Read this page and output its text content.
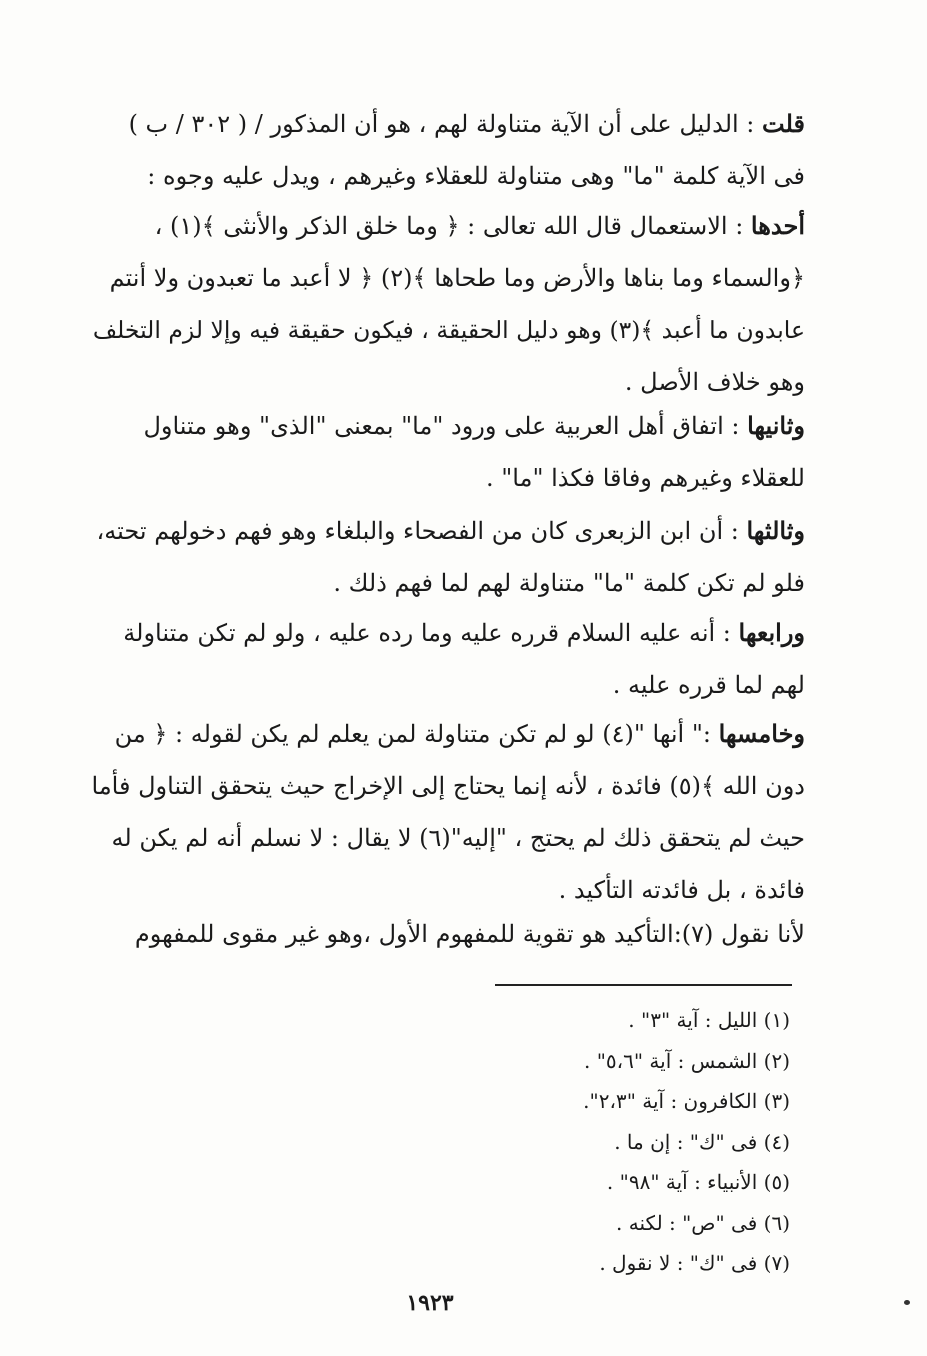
قلت : الدليل على أن الآية متناولة لهم ، هو أن المذكور / ( ٣٠٢ / ب )
فى الآية كلمة "ما" وهى متناولة للعقلاء وغيرهم ، ويدل عليه وجوه :
أحدها : الاستعمال قال الله تعالى : ﴿ وما خلق الذكر والأنثى ﴾(١) ،
﴿والسماء وما بناها والأرض وما طحاها ﴾(٢) ﴿ لا أعبد ما تعبدون ولا أنتم
عابدون ما أعبد ﴾(٣) وهو دليل الحقيقة ، فيكون حقيقة فيه وإلا لزم التخلف
وهو خلاف الأصل .
وثانيها : اتفاق أهل العربية على ورود "ما" بمعنى "الذى" وهو متناول
للعقلاء وغيرهم وفاقا فكذا "ما" .
وثالثها : أن ابن الزبعرى كان من الفصحاء والبلغاء وهو فهم دخولهم تحته،
فلو لم تكن كلمة "ما" متناولة لهم لما فهم ذلك .
ورابعها : أنه عليه السلام قرره عليه وما رده عليه ، ولو لم تكن متناولة
لهم لما قرره عليه .
وخامسها :" أنها "(٤) لو لم تكن متناولة لمن يعلم لم يكن لقوله : ﴿ من
دون الله ﴾(٥) فائدة ، لأنه إنما يحتاج إلى الإخراج حيث يتحقق التناول فأما
حيث لم يتحقق ذلك لم يحتج ، "إليه"(٦) لا يقال : لا نسلم أنه لم يكن له
فائدة ، بل فائدته التأكيد .
لأنا نقول (٧):التأكيد هو تقوية للمفهوم الأول ،وهو غير مقوى للمفهوم
(١) الليل : آية "٣" .
(٢) الشمس : آية "٥،٦" .
(٣) الكافرون : آية "٢،٣".
(٤) فى "ك" : إن ما .
(٥) الأنبياء : آية "٩٨" .
(٦) فى "ص" : لكنه .
(٧) فى "ك" : لا نقول .
١٩٢٣
